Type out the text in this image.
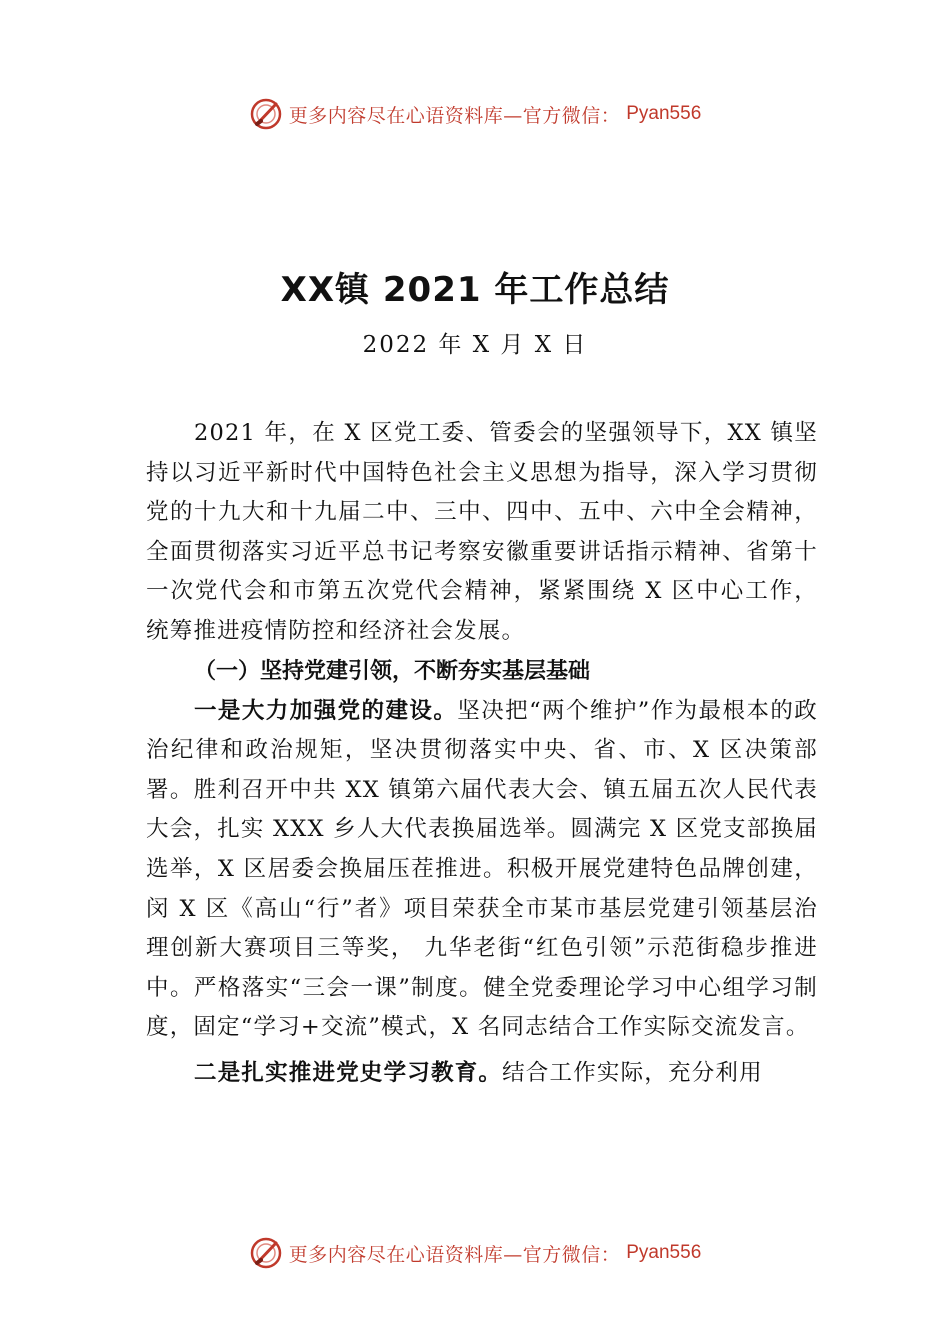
更多内容尽在心语资料库—官方微信： Pyan556
XX镇 2021 年工作总结
2022 年 X 月 X 日

2021 年，在 X 区党工委、管委会的坚强领导下，XX 镇坚持以习近平新时代中国特色社会主义思想为指导，深入学习贯彻党的十九大和十九届二中、三中、四中、五中、六中全会精神，全面贯彻落实习近平总书记考察安徽重要讲话指示精神、省第十一次党代会和市第五次党代会精神，紧紧围绕 X 区中心工作，统筹推进疫情防控和经济社会发展。

（一）坚持党建引领，不断夯实基层基础

一是大力加强党的建设。坚决把“两个维护”作为最根本的政治纪律和政治规矩，坚决贯彻落实中央、省、市、X 区决策部署。胜利召开中共 XX 镇第六届代表大会、镇五届五次人民代表大会，扎实 XXX 乡人大代表换届选举。圆满完 X 区党支部换届选举，X 区居委会换届压茬推进。积极开展党建特色品牌创建，闵 X 区《高山“行”者》项目荣获全市某市基层党建引领基层治理创新大赛项目三等奖， 九华老街“红色引领”示范街稳步推进中。严格落实“三会一课”制度。健全党委理论学习中心组学习制度，固定“学习+交流”模式，X 名同志结合工作实际交流发言。

二是扎实推进党史学习教育。结合工作实际，充分利用

更多内容尽在心语资料库—官方微信： Pyan556
